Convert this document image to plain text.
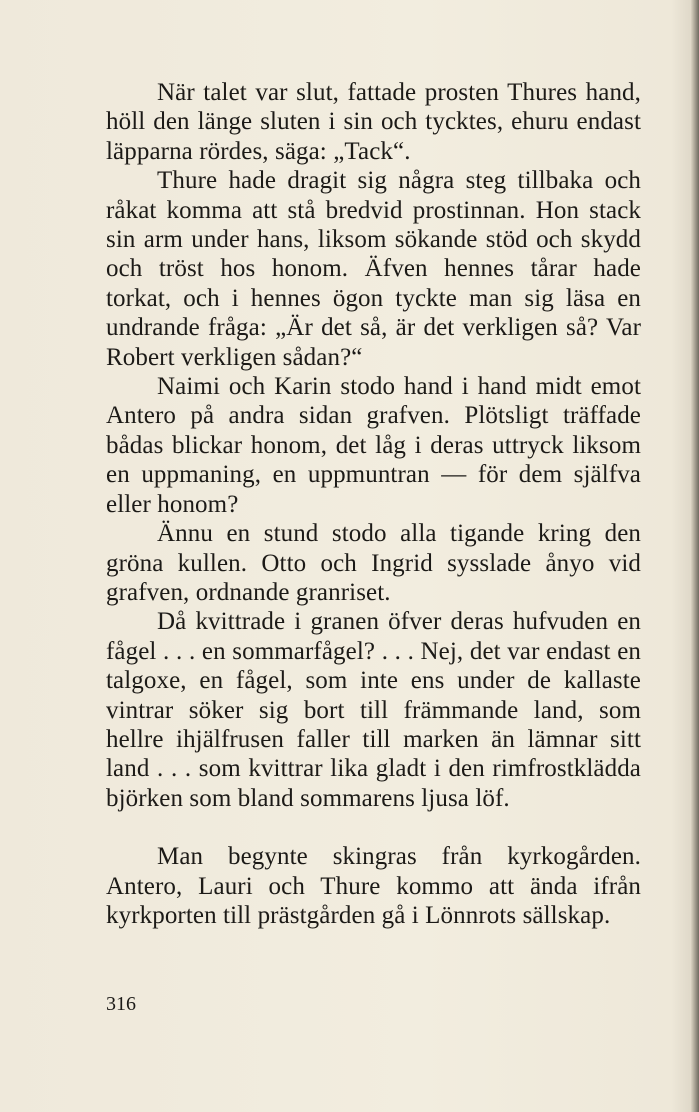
När talet var slut, fattade prosten Thures hand, höll den länge sluten i sin och tycktes, ehuru endast läpparna rördes, säga: „Tack“.

Thure hade dragit sig några steg tillbaka och råkat komma att stå bredvid prostinnan. Hon stack sin arm under hans, liksom sökande stöd och skydd och tröst hos honom. Äfven hennes tårar hade torkat, och i hennes ögon tyckte man sig läsa en undrande fråga: „Är det så, är det verkligen så? Var Robert verkligen sådan?“

Naimi och Karin stodo hand i hand midt emot Antero på andra sidan grafven. Plötsligt träffade bådas blickar honom, det låg i deras uttryck liksom en uppmaning, en uppmuntran — för dem själfva eller honom?

Ännu en stund stodo alla tigande kring den gröna kullen. Otto och Ingrid sysslade ånyo vid grafven, ordnande granriset.

Då kvittrade i granen öfver deras hufvuden en fågel . . . en sommarfågel? . . . Nej, det var endast en talgoxe, en fågel, som inte ens under de kallaste vintrar söker sig bort till främmande land, som hellre ihjälfrusen faller till marken än lämnar sitt land . . . som kvittrar lika gladt i den rimfrostklädda björken som bland sommarens ljusa löf.

Man begynte skingras från kyrkogården. Antero, Lauri och Thure kommo att ända ifrån kyrkporten till prästgården gå i Lönnrots sällskap.

316
